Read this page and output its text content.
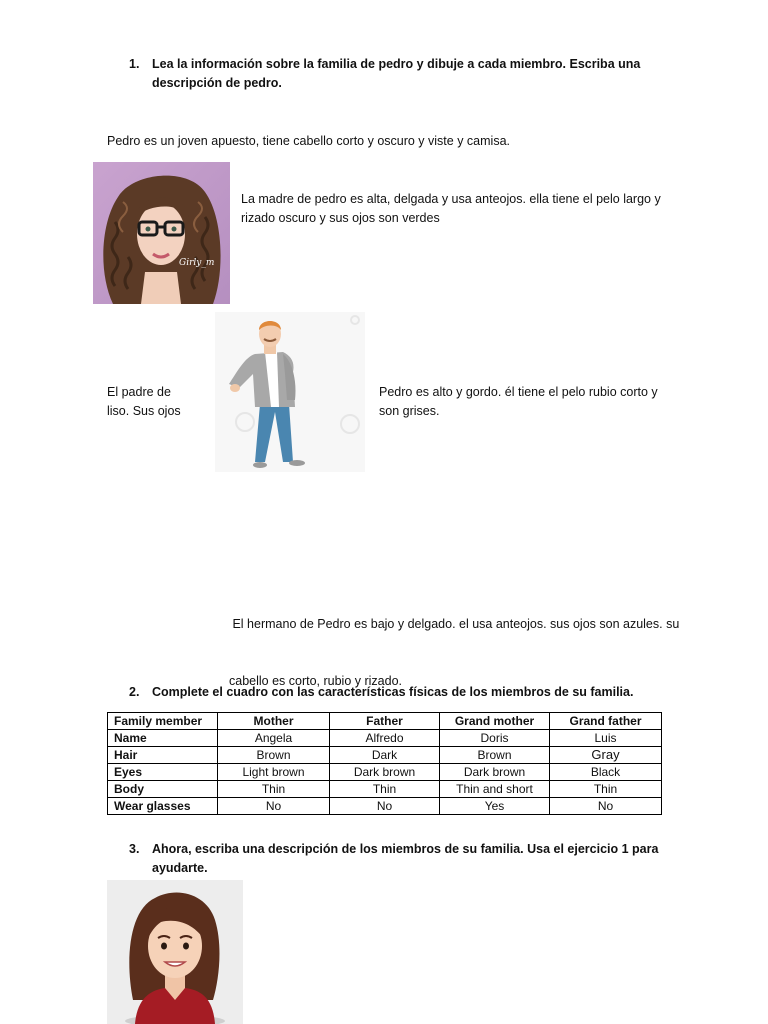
1. Lea la información sobre la familia de pedro y dibuje a cada miembro. Escriba una
descripción de pedro.
Pedro es un joven apuesto, tiene cabello corto y oscuro y viste y camisa.
Girly_m
La madre de pedro es alta, delgada y usa anteojos. ella tiene el pelo largo y
rizado oscuro y sus ojos son verdes
El padre de
liso. Sus ojos
Pedro es alto y gordo. él tiene el pelo rubio corto y
son grises.

El hermano de Pedro es bajo y delgado. el usa anteojos. sus ojos son azules. su

cabello es corto, rubio y rizado.

2. Complete el cuadro con las características físicas de los miembros de su familia.
Family member	Mother	Father	Grand mother	Grand father
Name	Angela	Alfredo	Doris	Luis
Hair	Brown	Dark	Brown	Gray
Eyes	Light brown	Dark brown	Dark brown	Black
Body	Thin	Thin	Thin and short	Thin
Wear glasses	No	No	Yes	No
3. Ahora, escriba una descripción de los miembros de su familia. Usa el ejercicio 1 para
ayudarte.
